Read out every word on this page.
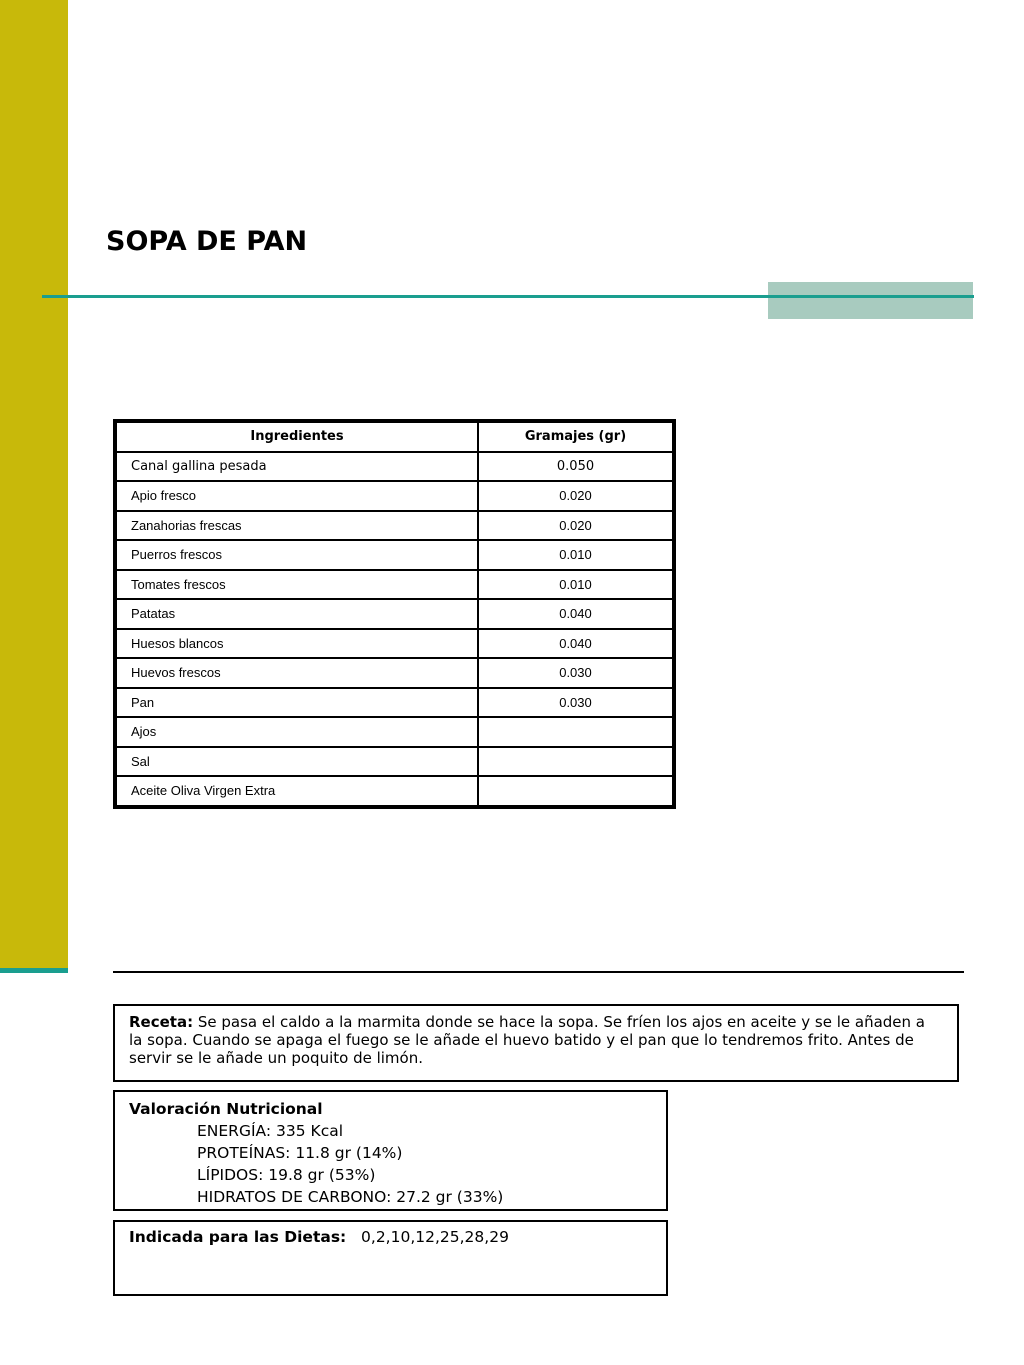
SOPA DE PAN
Ingredientes	Gramajes (gr)
Canal gallina pesada	0.050
Apio fresco	0.020
Zanahorias frescas	0.020
Puerros frescos	0.010
Tomates frescos	0.010
Patatas	0.040
Huesos blancos	0.040
Huevos frescos	0.030
Pan	0.030
Ajos	
Sal	
Aceite Oliva Virgen Extra	
Receta: Se pasa el caldo a la marmita donde se hace la sopa. Se fríen los ajos en aceite y se le añaden a la sopa. Cuando se apaga el fuego se le añade el huevo batido y el pan que lo tendremos frito. Antes de servir se le añade un poquito de limón.
Valoración Nutricional
ENERGÍA: 335 Kcal
PROTEÍNAS: 11.8 gr (14%)
LÍPIDOS: 19.8 gr (53%)
HIDRATOS DE CARBONO: 27.2 gr (33%)
Indicada para las Dietas: 0,2,10,12,25,28,29
